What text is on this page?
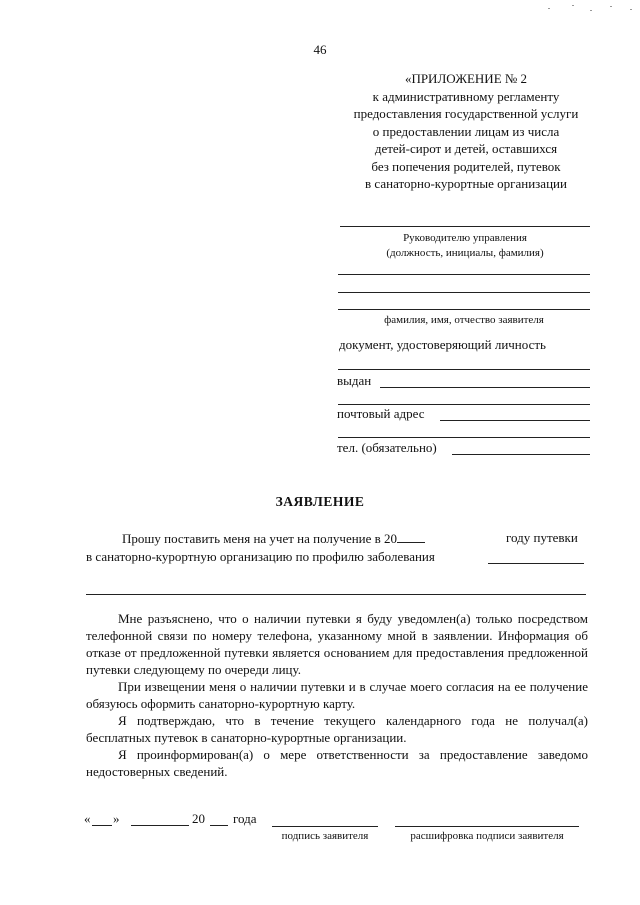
46
«ПРИЛОЖЕНИЕ № 2
к административному регламенту
предоставления государственной услуги
о предоставлении лицам из числа
детей-сирот и детей, оставшихся
без попечения родителей, путевок
в санаторно-курортные организации
Руководителю управления
(должность, инициалы, фамилия)
фамилия, имя, отчество заявителя
документ, удостоверяющий личность
выдан
почтовый адрес
тел. (обязательно)
ЗАЯВЛЕНИЕ
Прошу поставить меня на учет на получение в 20	году путевки
в санаторно-курортную организацию по профилю заболевания
Мне разъяснено, что о наличии путевки я буду уведомлен(а) только посредством телефонной связи по номеру телефона, указанному мной в заявлении. Информация об отказе от предложенной путевки является основанием для предоставления предложенной путевки следующему по очереди лицу.
При извещении меня о наличии путевки и в случае моего согласия на ее получение обязуюсь оформить санаторно-курортную карту.
Я подтверждаю, что в течение текущего календарного года не получал(а) бесплатных путевок в санаторно-курортные организации.
Я проинформирован(а) о мере ответственности за предоставление заведомо недостоверных сведений.
« »	20 года
подпись заявителя	расшифровка подписи заявителя
